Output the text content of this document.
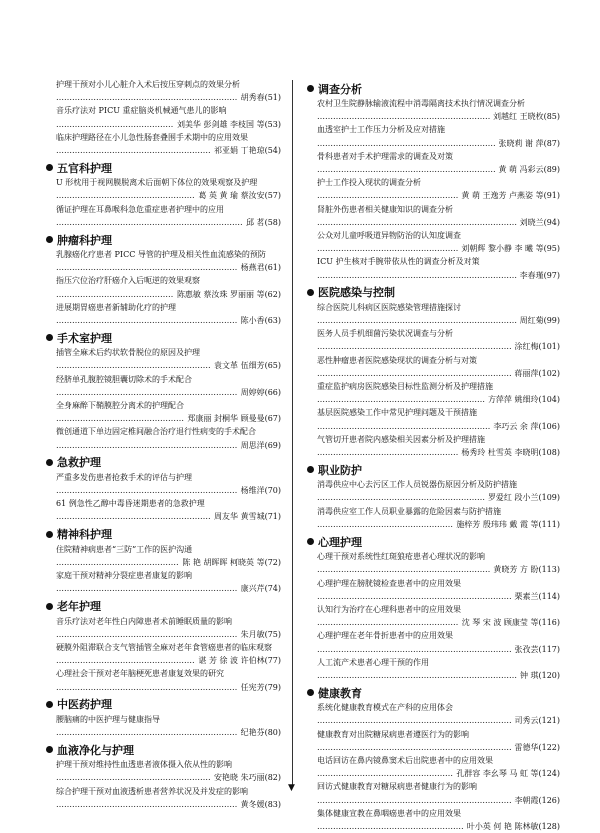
护理干预对小儿心脏介入术后按压穿刺点的效果分析
……………………………………………………………………………………………………
胡秀春(51)
音乐疗法对 PICU 重症脑炎机械通气患儿的影响
……………………………………………………………………………………………………
刘美华 彭剑雄 李枝国 等(53)
临床护理路径在小儿急性肠套叠围手术期中的应用效果
……………………………………………………………………………………………………
祁亚娟 丁艳琼(54)
五官科护理
U 形枕用于视网膜脱离术后面朝下体位的效果观察及护理
……………………………………………………………………………………………………
葛 英 黄 瑜 蔡汝安(57)
循证护理在耳鼻喉科急危重症患者护理中的应用
……………………………………………………………………………………………………
邱 茗(58)
肿瘤科护理
乳腺癌化疗患者 PICC 导管的护理及相关性血流感染的预防
……………………………………………………………………………………………………
杨燕君(61)
指压穴位治疗肝癌介入后呃逆的效果观察
……………………………………………………………………………………………………
陈惠敏 蔡汝珠 罗丽丽 等(62)
进展期胃癌患者新辅助化疗的护理
……………………………………………………………………………………………………
陈小香(63)
手术室护理
插管全麻术后约状软骨脱位的原因及护理
……………………………………………………………………………………………………
袁文革 伍细芳(65)
经脐单孔腹腔镜胆囊切除术的手术配合
……………………………………………………………………………………………………
周婷婷(66)
全身麻醉下鞘膜腔分离术的护理配合
……………………………………………………………………………………………………
郑康丽 封桐华 顾曼曼(67)
微创通道下单边固定椎间融合治疗退行性病变的手术配合
……………………………………………………………………………………………………
周思洋(69)
急救护理
严重多发伤患者抢救手术的评估与护理
……………………………………………………………………………………………………
杨维洋(70)
61 例急性乙醇中毒昏迷期患者的急救护理
……………………………………………………………………………………………………
周友华 黄雪城(71)
精神科护理
住院精神病患者“三防”工作的医护沟通
……………………………………………………………………………………………………
陈 艳 胡晖晖 柯晓英 等(72)
家庭干预对精神分裂症患者康复的影响
……………………………………………………………………………………………………
康兴芹(74)
老年护理
音乐疗法对老年性白内障患者术前睡眠质量的影响
……………………………………………………………………………………………………
朱月敏(75)
硬膜外阻滞联合支气管插管全麻对老年食管癌患者的临床观察
……………………………………………………………………………………………………
谌 芳 徐 波 许伯林(77)
心理社会干预对老年脑梗死患者康复效果的研究
……………………………………………………………………………………………………
任宪芳(79)
中医药护理
腰脑痛的中医护理与健康指导
……………………………………………………………………………………………………
纪艳芬(80)
血液净化与护理
护理干预对维持性血透患者液体摄入依从性的影响
……………………………………………………………………………………………………
安艳晓 朱巧丽(82)
综合护理干预对血液透析患者营养状况及并发症的影响
……………………………………………………………………………………………………
黄冬媛(83)
▼
调查分析
农村卫生院静脉输液流程中消毒隔离技术执行情况调查分析
……………………………………………………………………………………………………
刘越红 王晓枚(85)
血透室护士工作压力分析及应对措施
……………………………………………………………………………………………………
张晓莉 谢 萍(87)
骨科患者对手术护理需求的调查及对策
……………………………………………………………………………………………………
黄 萌 冯彩云(89)
护士工作投入现状的调查分析
……………………………………………………………………………………………………
黄 萌 王逸芳 卢燕姿 等(91)
肾脏外伤患者相关健康知识的调查分析
……………………………………………………………………………………………………
刘晓兰(94)
公众对儿童呼吸道异物防治的认知度调查
……………………………………………………………………………………………………
刘朝辉 黎小静 李 曦 等(95)
ICU 护生核对手腕带依从性的调查分析及对策
……………………………………………………………………………………………………
李春瑾(97)
医院感染与控制
综合医院儿科病区医院感染管理措施探讨
……………………………………………………………………………………………………
周红菊(99)
医务人员手机细菌污染状况调查与分析
……………………………………………………………………………………………………
涂红梅(101)
恶性肿瘤患者医院感染现状的调查分析与对策
……………………………………………………………………………………………………
蒋丽萍(102)
重症监护病房医院感染目标性监测分析及护理措施
……………………………………………………………………………………………………
方萍萍 姚细玲(104)
基层医院感染工作中常见护理问题及干预措施
……………………………………………………………………………………………………
李巧云 余 萍(106)
气管切开患者院内感染相关因素分析及护理措施
……………………………………………………………………………………………………
杨秀玲 杜雪英 李晓明(108)
职业防护
消毒供应中心去污区工作人员锐器伤原因分析及防护措施
……………………………………………………………………………………………………
罗爱红 段小兰(109)
消毒供应室工作人员职业暴露的危险因素与防护措施
……………………………………………………………………………………………………
施梓芳 殷玮玮 戴 霞 等(111)
心理护理
心理干预对系统性红斑狼疮患者心理状况的影响
……………………………………………………………………………………………………
黄晓芳 方 盼(113)
心理护理在膀胱镜检查患者中的应用效果
……………………………………………………………………………………………………
栗素兰(114)
认知行为治疗在心理科患者中的应用效果
……………………………………………………………………………………………………
沈 琴 宋 波 顾康莹 等(116)
心理护理在老年骨折患者中的应用效果
……………………………………………………………………………………………………
张孜芸(117)
人工流产术患者心理干预的作用
……………………………………………………………………………………………………
钟 琪(120)
健康教育
系统化健康教育模式在产科的应用体会
……………………………………………………………………………………………………
司秀云(121)
健康教育对出院糖尿病患者遵医行为的影响
……………………………………………………………………………………………………
雷德华(122)
电话回访在鼻内镜鼻窦术后出院患者中的应用效果
……………………………………………………………………………………………………
孔群容 李幺琴 马 虹 等(124)
回访式健康教育对糖尿病患者健康行为的影响
……………………………………………………………………………………………………
李朝霞(126)
集体健康宣教在鼻咽癌患者中的应用效果
……………………………………………………………………………………………………
叶小英 何 艳 陈林敏(128)
